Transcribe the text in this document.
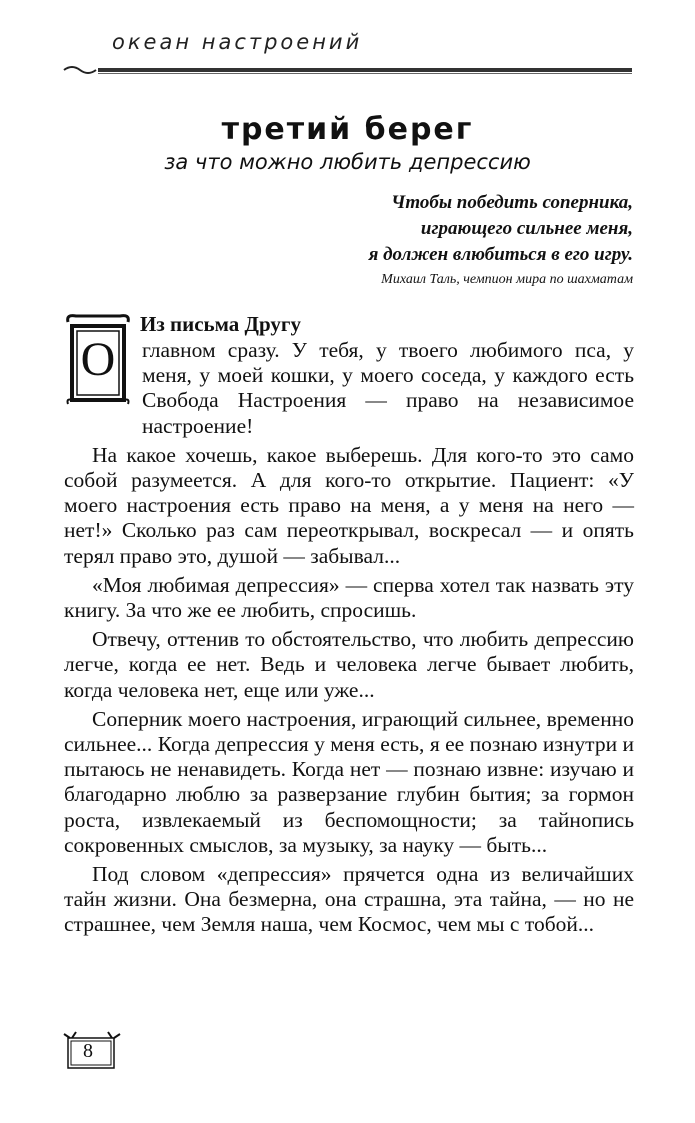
океан настроений
третий берег
за что можно любить депрессию
Чтобы победить соперника,
играющего сильнее меня,
я должен влюбиться в его игру.
Михаил Таль, чемпион мира по шахматам
О
Из письма Другу

главном сразу. У тебя, у твоего любимого пса, у меня, у моей кошки, у моего соседа, у каждого есть Свобода Настроения — право на независимое настроение!

На какое хочешь, какое выберешь. Для кого-то это само собой разумеется. А для кого-то открытие. Пациент: «У моего настроения есть право на меня, а у меня на него — нет!» Сколько раз сам переоткрывал, воскресал — и опять терял право это, душой — забывал...

«Моя любимая депрессия» — сперва хотел так назвать эту книгу. За что же ее любить, спросишь.

Отвечу, оттенив то обстоятельство, что любить депрессию легче, когда ее нет. Ведь и человека легче бывает любить, когда человека нет, еще или уже...

Соперник моего настроения, играющий сильнее, временно сильнее... Когда депрессия у меня есть, я ее познаю изнутри и пытаюсь не ненавидеть. Когда нет — познаю извне: изучаю и благодарно люблю за разверзание глубин бытия; за гормон роста, извлекаемый из беспомощности; за тайнопись сокровенных смыслов, за музыку, за науку — быть...

Под словом «депрессия» прячется одна из величайших тайн жизни. Она безмерна, она страшна, эта тайна, — но не страшнее, чем Земля наша, чем Космос, чем мы с тобой...

8
